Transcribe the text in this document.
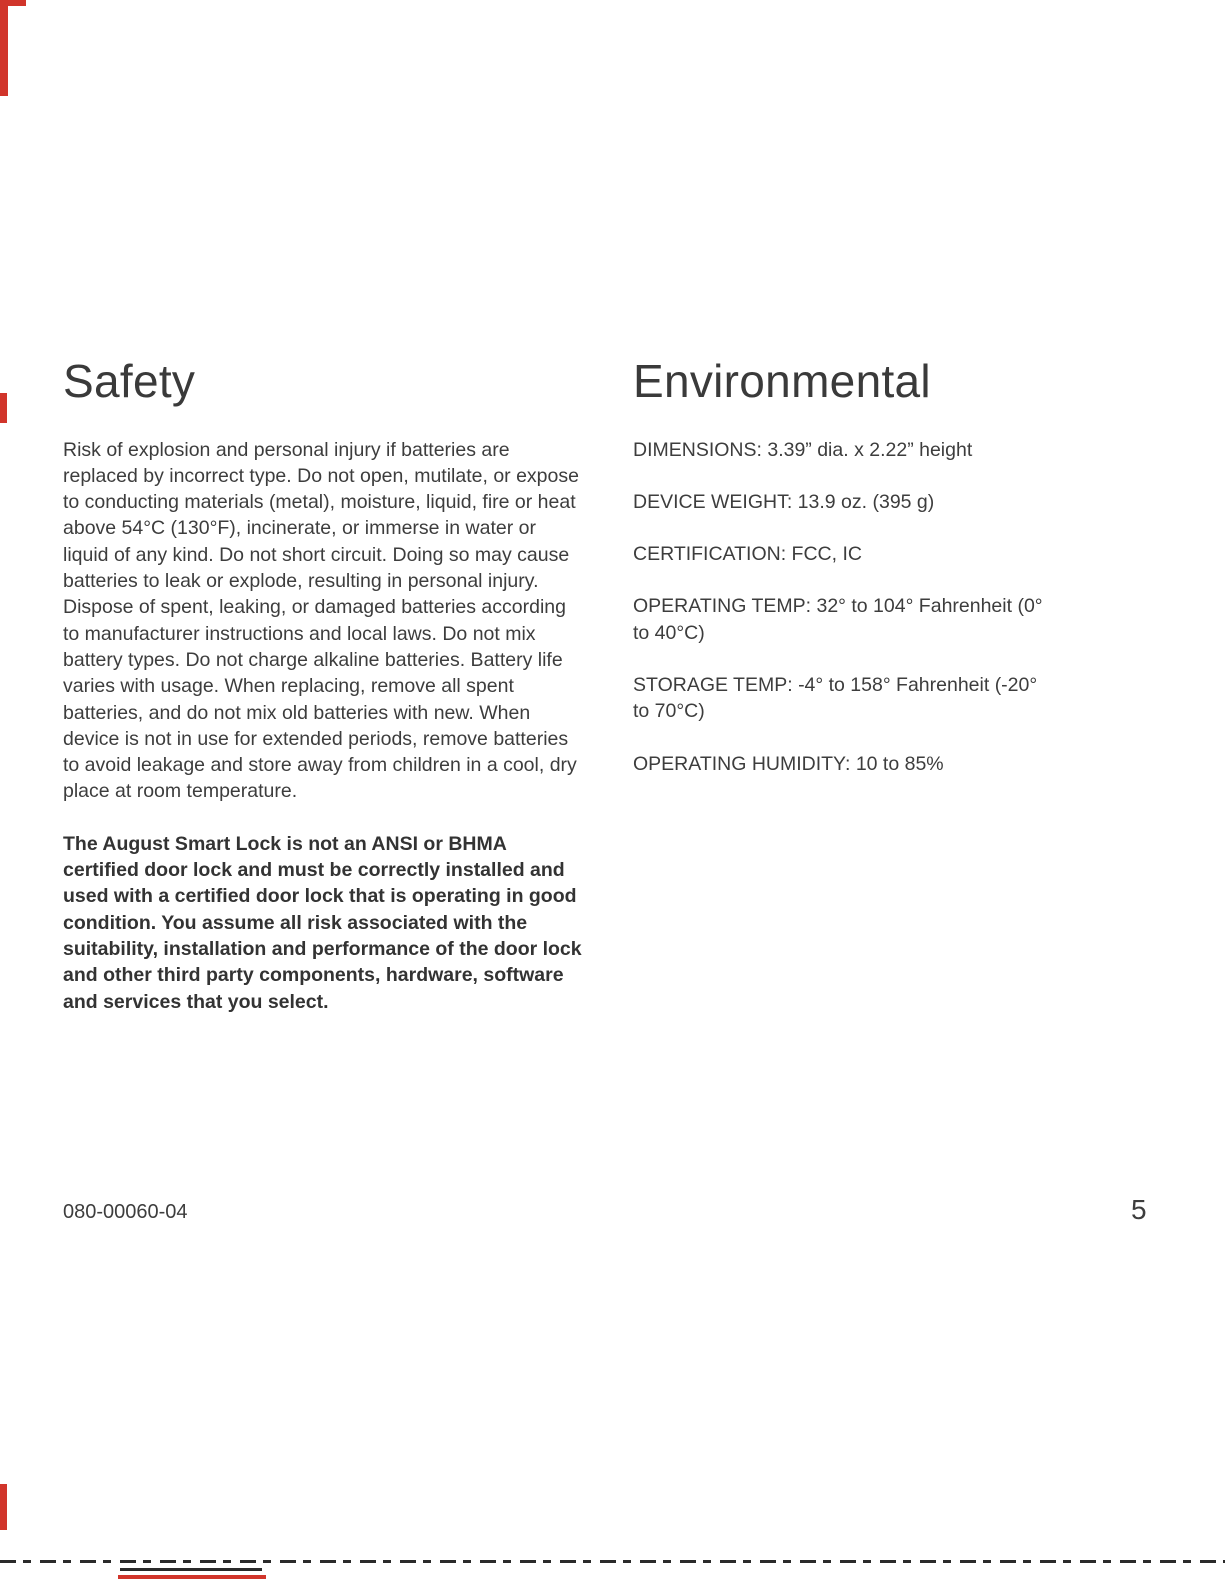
Safety

Risk of explosion and personal injury if batteries are replaced by incorrect type. Do not open, mutilate, or expose to conducting materials (metal), moisture, liquid, fire or heat above 54°C (130°F), incinerate, or immerse in water or liquid of any kind. Do not short circuit. Doing so may cause batteries to leak or explode, resulting in personal injury. Dispose of spent, leaking, or damaged batteries according to manufacturer instructions and local laws. Do not mix battery types. Do not charge alkaline batteries. Battery life varies with usage. When replacing, remove all spent batteries, and do not mix old batteries with new. When device is not in use for extended periods, remove batteries to avoid leakage and store away from children in a cool, dry place at room temperature.

The August Smart Lock is not an ANSI or BHMA certified door lock and must be correctly installed and used with a certified door lock that is operating in good condition. You assume all risk associated with the suitability, installation and performance of the door lock and other third party components, hardware, software and services that you select.

Environmental

DIMENSIONS: 3.39” dia. x 2.22” height

DEVICE WEIGHT: 13.9 oz. (395 g)

CERTIFICATION: FCC, IC

OPERATING TEMP: 32° to 104° Fahrenheit (0° to 40°C)

STORAGE TEMP: -4° to 158° Fahrenheit (-20° to 70°C)

OPERATING HUMIDITY: 10 to 85%

080-00060-04	5
